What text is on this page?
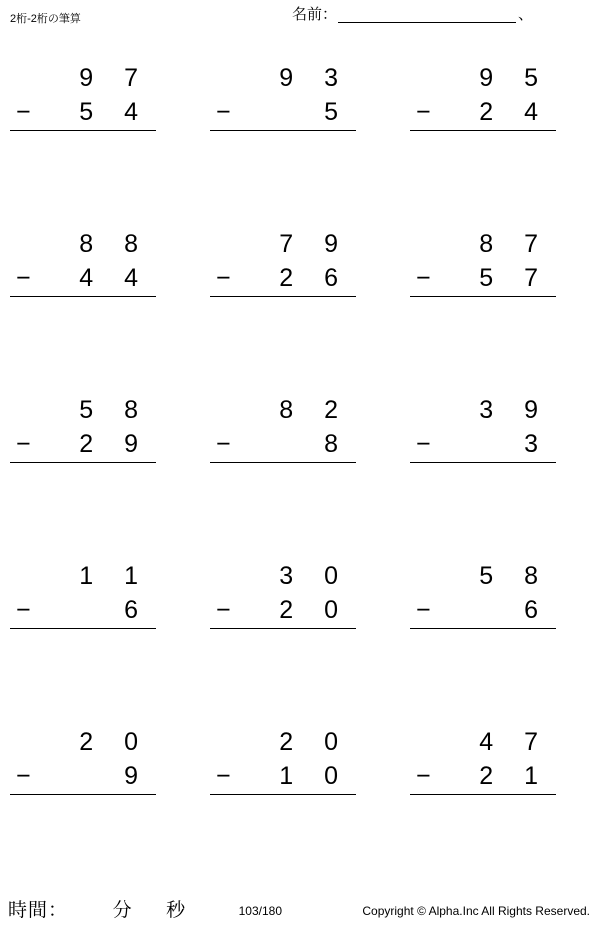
2桁-2桁の筆算	名前：	、
9 7
− 5 4
9 3
−	5
9 5
− 2 4
8 8
− 4 4
7 9
− 2 6
8 7
− 5 7
5 8
− 2 9
8 2
−	8
3 9
−	3
1 1
−	6
3 0
− 2 0
5 8
−	6
2 0
−	9
2 0
− 1 0
4 7
− 2 1
時間： 分 秒	103/180	Copyright © Alpha.Inc All Rights Reserved.
